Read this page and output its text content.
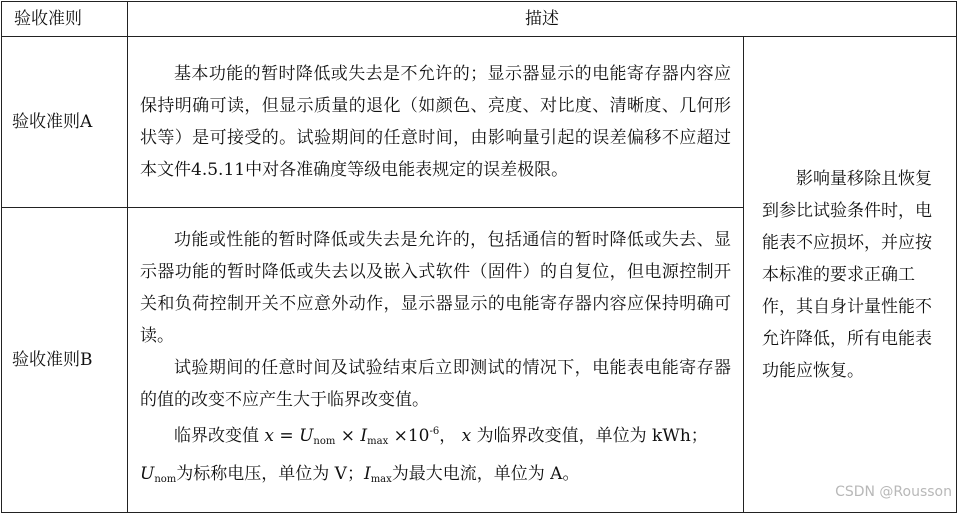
验收准则	描述	
验收准则A	基本功能的暂时降低或失去是不允许的；显示器显示的电能寄存器内容应保持明确可读，但显示质量的退化（如颜色、亮度、对比度、清晰度、几何形状等）是可接受的。试验期间的任意时间，由影响量引起的误差偏移不应超过本文件4.5.11中对各准确度等级电能表规定的误差极限。	影响量移除且恢复到参比试验条件时，电能表不应损坏，并应按本标准的要求正确工作，其自身计量性能不允许降低，所有电能表功能应恢复。

验收准则B	功能或性能的暂时降低或失去是允许的，包括通信的暂时降低或失去、显示器功能的暂时降低或失去以及嵌入式软件（固件）的自复位，但电源控制开关和负荷控制开关不应意外动作，显示器显示的电能寄存器内容应保持明确可读。

试验期间的任意时间及试验结束后立即测试的情况下，电能表电能寄存器的值的改变不应产生大于临界改变值。

临界改变值 $x = U_{nom} \times I_{max} \times 10^{-6}$， x 为临界改变值，单位为 kWh；

$U_{nom}$为标称电压，单位为 V；$I_{max}$为最大电流，单位为 A。	

CSDN @Rousson
